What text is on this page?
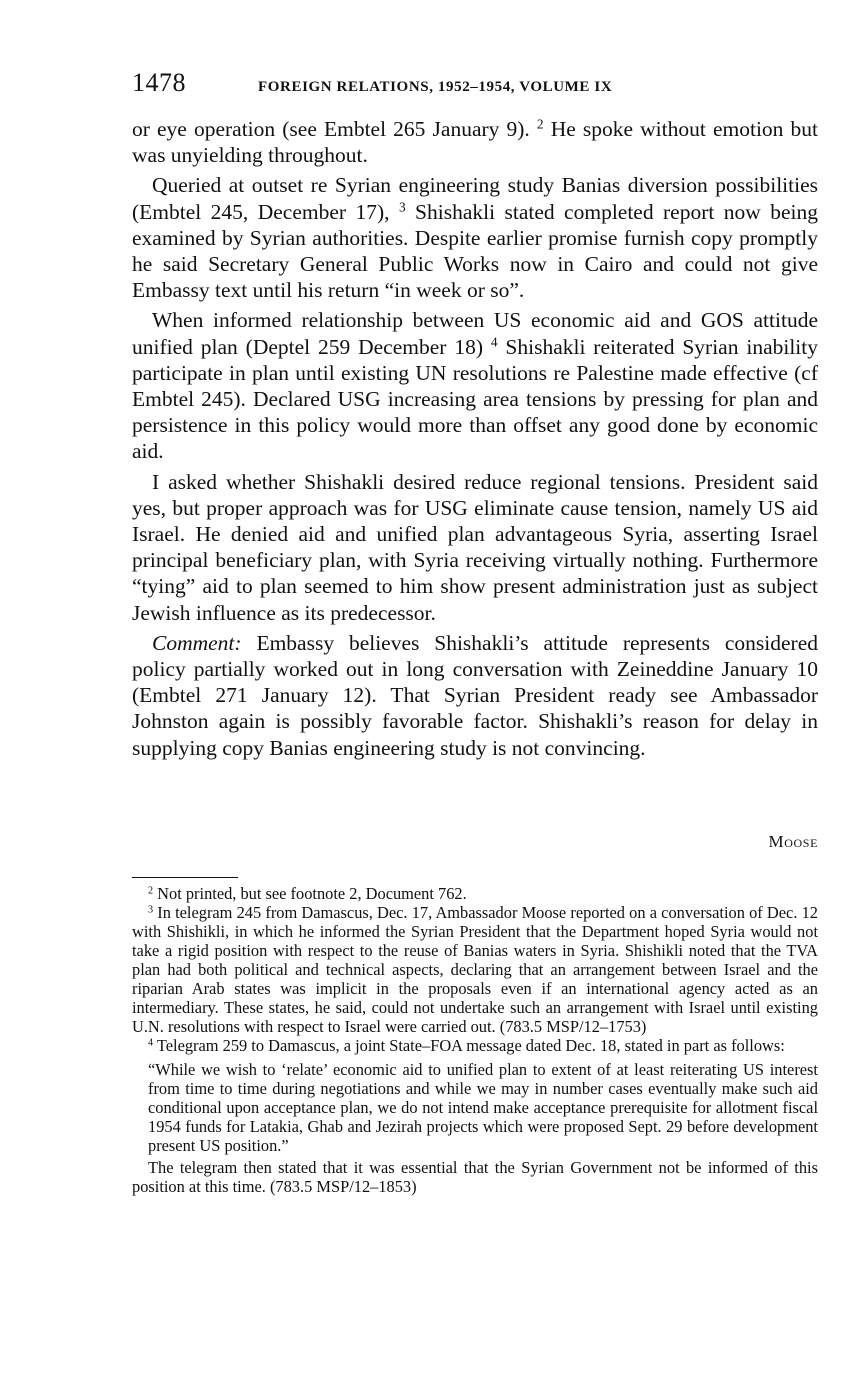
1478	FOREIGN RELATIONS, 1952–1954, VOLUME IX

or eye operation (see Embtel 265 January 9). $^2$ He spoke without emotion but was unyielding throughout.

Queried at outset re Syrian engineering study Banias diversion possibilities (Embtel 245, December 17), $^3$ Shishakli stated completed report now being examined by Syrian authorities. Despite earlier promise furnish copy promptly he said Secretary General Public Works now in Cairo and could not give Embassy text until his return “in week or so”.

When informed relationship between US economic aid and GOS attitude unified plan (Deptel 259 December 18) $^4$ Shishakli reiterated Syrian inability participate in plan until existing UN resolutions re Palestine made effective (cf Embtel 245). Declared USG increasing area tensions by pressing for plan and persistence in this policy would more than offset any good done by economic aid.

I asked whether Shishakli desired reduce regional tensions. President said yes, but proper approach was for USG eliminate cause tension, namely US aid Israel. He denied aid and unified plan advantageous Syria, asserting Israel principal beneficiary plan, with Syria receiving virtually nothing. Furthermore “tying” aid to plan seemed to him show present administration just as subject Jewish influence as its predecessor.

Comment: Embassy believes Shishakli’s attitude represents considered policy partially worked out in long conversation with Zeineddine January 10 (Embtel 271 January 12). That Syrian President ready see Ambassador Johnston again is possibly favorable factor. Shishakli’s reason for delay in supplying copy Banias engineering study is not convincing.

Moose

$^2$ Not printed, but see footnote 2, Document 762.

$^3$ In telegram 245 from Damascus, Dec. 17, Ambassador Moose reported on a conversation of Dec. 12 with Shishikli, in which he informed the Syrian President that the Department hoped Syria would not take a rigid position with respect to the reuse of Banias waters in Syria. Shishikli noted that the TVA plan had both political and technical aspects, declaring that an arrangement between Israel and the riparian Arab states was implicit in the proposals even if an international agency acted as an intermediary. These states, he said, could not undertake such an arrangement with Israel until existing U.N. resolutions with respect to Israel were carried out. (783.5 MSP/12–1753)

$^4$ Telegram 259 to Damascus, a joint State–FOA message dated Dec. 18, stated in part as follows:

“While we wish to ‘relate’ economic aid to unified plan to extent of at least reiterating US interest from time to time during negotiations and while we may in number cases eventually make such aid conditional upon acceptance plan, we do not intend make acceptance prerequisite for allotment fiscal 1954 funds for Latakia, Ghab and Jezirah projects which were proposed Sept. 29 before development present US position.”

The telegram then stated that it was essential that the Syrian Government not be informed of this position at this time. (783.5 MSP/12–1853)
